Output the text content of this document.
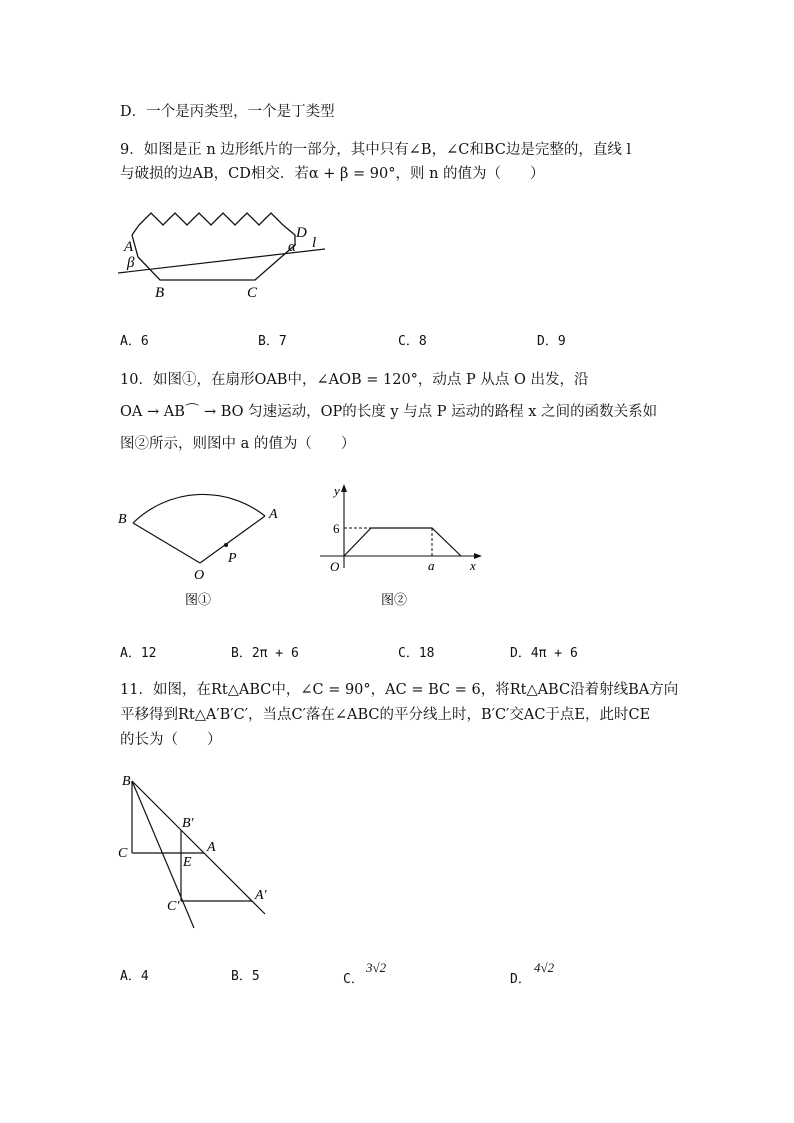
D．一个是丙类型，一个是丁类型
9．如图是正 n 边形纸片的一部分，其中只有∠B，∠C和BC边是完整的，直线 l
与破损的边AB，CD相交．若α + β = 90°，则 n 的值为（　　）
A
β
B	C
D
α l
A．6	B．7	C．8	D．9
10．如图①，在扇形OAB中，∠AOB = 120°，动点 P 从点 O 出发，沿
OA → AB⌒ → BO 匀速运动，OP的长度 y 与点 P 运动的路程 x 之间的函数关系如
图②所示，则图中 a 的值为（　　）
B	A
O
P
图①
y
6
O	a	x
图②
A．12	B．2π + 6	C．18	D．4π + 6
11．如图，在Rt△ABC中，∠C = 90°，AC = BC = 6，将Rt△ABC沿着射线BA方向
平移得到Rt△A′B′C′，当点C′落在∠ABC的平分线上时，B′C′交AC于点E，此时CE
的长为（　　）
B
B′
C	A
E
C′
A′
A．4	B．5	C．
3√2
D．
4√2
